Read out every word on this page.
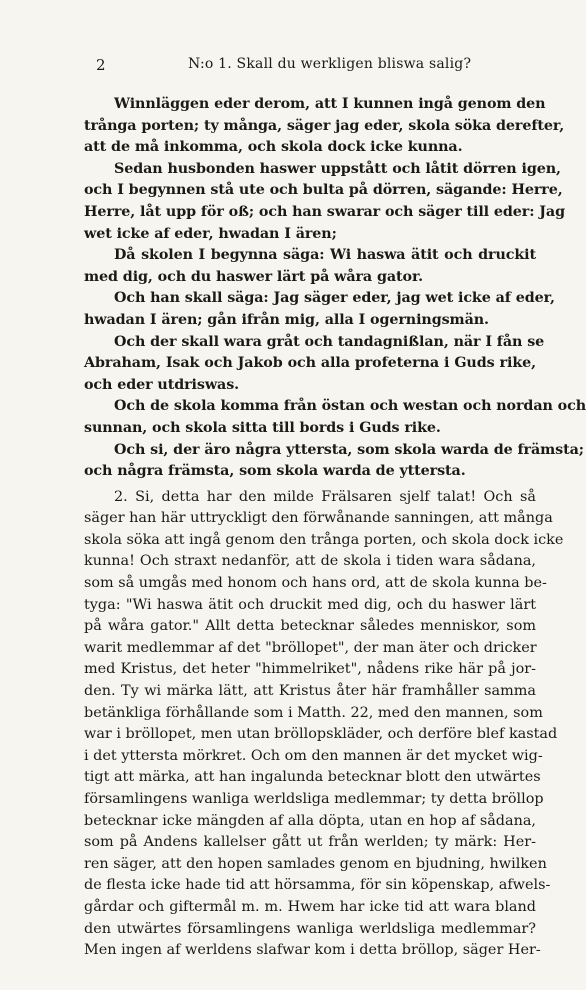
2	N:o 1. Skall du werkligen bliswa salig?
Winnläggen eder derom, att I kunnen ingå genom den
trånga porten; ty många, säger jag eder, skola söka derefter,
att de må inkomma, och skola dock icke kunna.
Sedan husbonden haswer uppstått och låtit dörren igen,
och I begynnen stå ute och bulta på dörren, sägande: Herre,
Herre, låt upp för oß; och han swarar och säger till eder: Jag
wet icke af eder, hwadan I ären;
Då skolen I begynna säga: Wi haswa ätit och druckit
med dig, och du haswer lärt på wåra gator.
Och han skall säga: Jag säger eder, jag wet icke af eder,
hwadan I ären; gån ifrån mig, alla I ogerningsmän.
Och der skall wara gråt och tandagnißlan, när I fån se
Abraham, Isak och Jakob och alla profeterna i Guds rike,
och eder utdriswas.
Och de skola komma från östan och westan och nordan och
sunnan, och skola sitta till bords i Guds rike.
Och si, der äro några yttersta, som skola warda de främsta;
och några främsta, som skola warda de yttersta.
2. Si, detta har den milde Frälsaren sjelf talat! Och så
säger han här uttryckligt den förwånande sanningen, att många
skola söka att ingå genom den trånga porten, och skola dock icke
kunna! Och straxt nedanför, att de skola i tiden wara sådana,
som så umgås med honom och hans ord, att de skola kunna be-
tyga: "Wi haswa ätit och druckit med dig, och du haswer lärt
på wåra gator." Allt detta betecknar således menniskor, som
warit medlemmar af det "bröllopet", der man äter och dricker
med Kristus, det heter "himmelriket", nådens rike här på jor-
den. Ty wi märka lätt, att Kristus åter här framhåller samma
betänkliga förhållande som i Matth. 22, med den mannen, som
war i bröllopet, men utan bröllopskläder, och derföre blef kastad
i det yttersta mörkret. Och om den mannen är det mycket wig-
tigt att märka, att han ingalunda betecknar blott den utwärtes
församlingens wanliga werldsliga medlemmar; ty detta bröllop
betecknar icke mängden af alla döpta, utan en hop af sådana,
som på Andens kallelser gått ut från werlden; ty märk: Her-
ren säger, att den hopen samlades genom en bjudning, hwilken
de flesta icke hade tid att hörsamma, för sin köpenskap, afwels-
gårdar och giftermål m. m. Hwem har icke tid att wara bland
den utwärtes församlingens wanliga werldsliga medlemmar?
Men ingen af werldens slafwar kom i detta bröllop, säger Her-
